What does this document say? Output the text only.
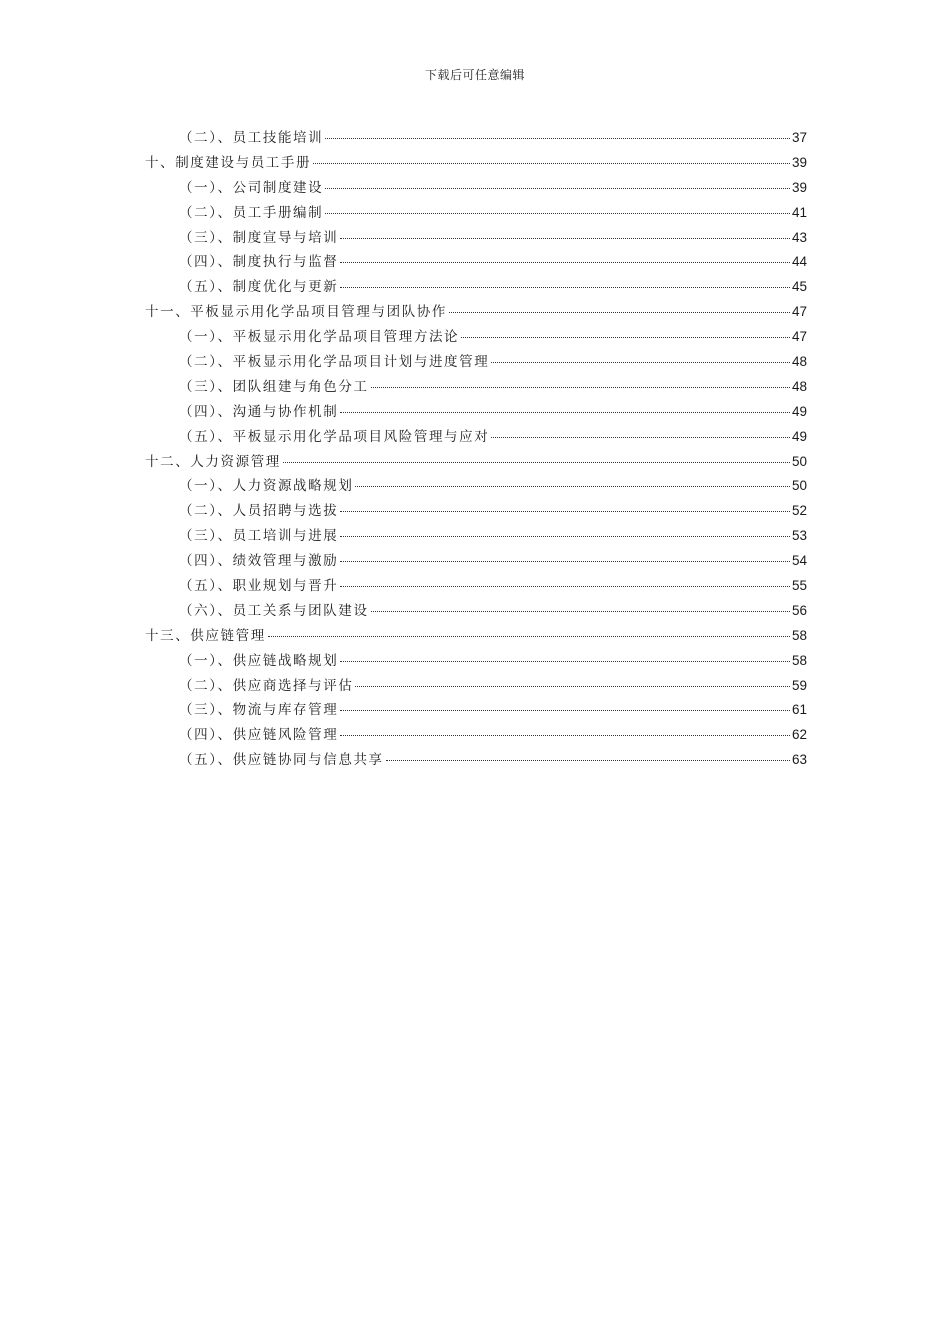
下载后可任意编辑
（二）、员工技能培训	37
十、制度建设与员工手册	39
（一）、公司制度建设	39
（二）、员工手册编制	41
（三）、制度宣导与培训	43
（四）、制度执行与监督	44
（五）、制度优化与更新	45
十一、平板显示用化学品项目管理与团队协作	47
（一）、平板显示用化学品项目管理方法论	47
（二）、平板显示用化学品项目计划与进度管理	48
（三）、团队组建与角色分工	48
（四）、沟通与协作机制	49
（五）、平板显示用化学品项目风险管理与应对	49
十二、人力资源管理	50
（一）、人力资源战略规划	50
（二）、人员招聘与选拔	52
（三）、员工培训与进展	53
（四）、绩效管理与激励	54
（五）、职业规划与晋升	55
（六）、员工关系与团队建设	56
十三、供应链管理	58
（一）、供应链战略规划	58
（二）、供应商选择与评估	59
（三）、物流与库存管理	61
（四）、供应链风险管理	62
（五）、供应链协同与信息共享	63
